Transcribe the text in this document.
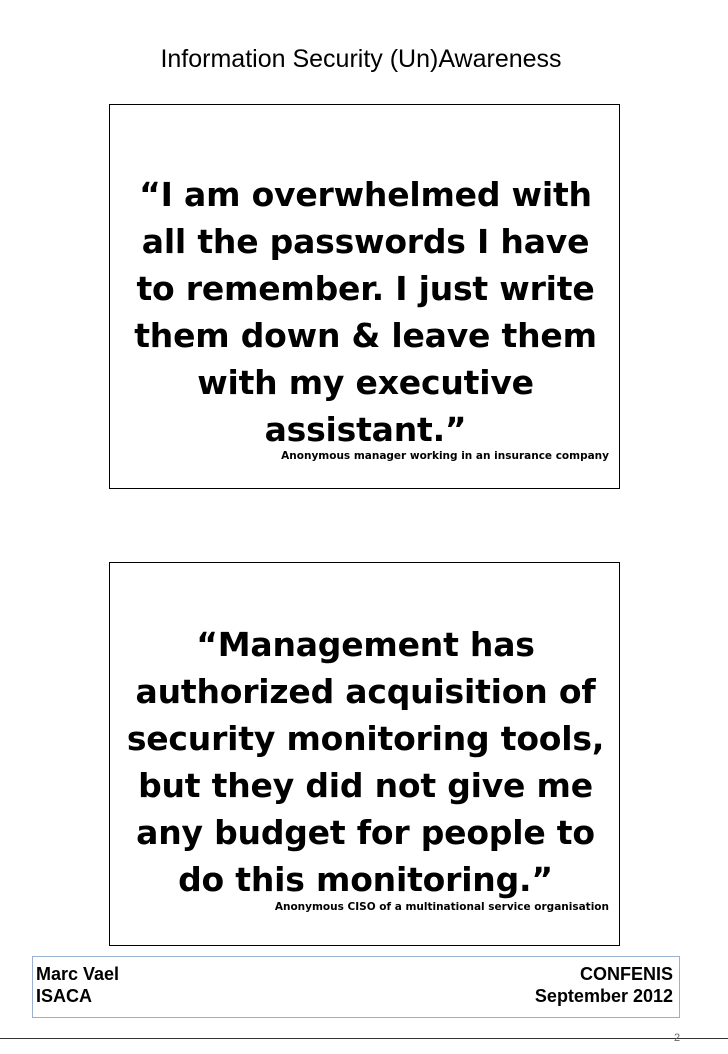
Information Security (Un)Awareness
“I am overwhelmed with
all the passwords I have
to remember. I just write
them down & leave them
with my executive
assistant.”
Anonymous manager working in an insurance company
“Management has
authorized acquisition of
security monitoring tools,
but they did not give me
any budget for people to
do this monitoring.”
Anonymous CISO of a multinational service organisation
Marc Vael
ISACA
CONFENIS
September 2012
2
